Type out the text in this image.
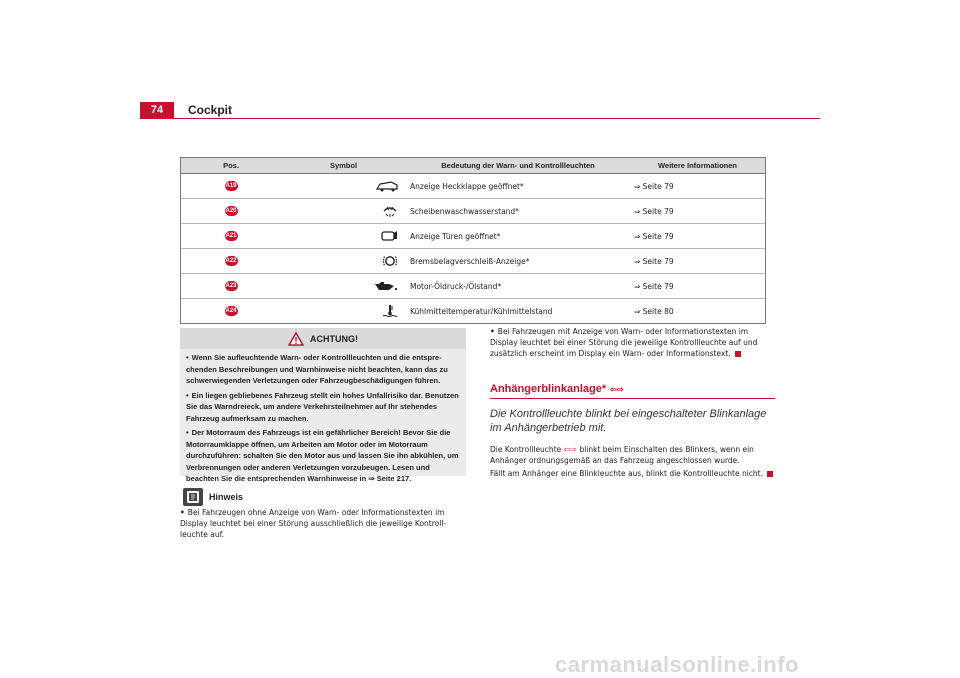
74	Cockpit
Pos.	Symbol	Bedeutung der Warn- und Kontrollleuchten	Weitere Informationen
A19	Anzeige Heckklappe geöffnet*	⇒ Seite 79
A20	Scheibenwaschwasserstand*	⇒ Seite 79
A21	Anzeige Türen geöffnet*	⇒ Seite 79
A22	Bremsbelagverschleiß-Anzeige*	⇒ Seite 79
A23	Motor-Öldruck-/Ölstand*	⇒ Seite 79
A24	Kühlmitteltemperatur/Kühlmittelstand	⇒ Seite 80
ACHTUNG!

• Wenn Sie aufleuchtende Warn- oder Kontrollleuchten und die entspre-chenden Beschreibungen und Warnhinweise nicht beachten, kann das zu schwerwiegenden Verletzungen oder Fahrzeugbeschädigungen führen.

• Ein liegen gebliebenes Fahrzeug stellt ein hohes Unfallrisiko dar. Benutzen Sie das Warndreieck, um andere Verkehrsteilnehmer auf Ihr stehendes Fahrzeug aufmerksam zu machen.

• Der Motorraum des Fahrzeugs ist ein gefährlicher Bereich! Bevor Sie die Motorraumklappe öffnen, um Arbeiten am Motor oder im Motorraum durchzuführen: schalten Sie den Motor aus und lassen Sie ihn abkühlen, um Verbrennungen oder anderen Verletzungen vorzubeugen. Lesen und beachten Sie die entsprechenden Warnhinweise in ⇒ Seite 217.

Hinweis

• Bei Fahrzeugen ohne Anzeige von Warn- oder Informationstexten im Display leuchtet bei einer Störung ausschließlich die jeweilige Kontroll-leuchte auf.

• Bei Fahrzeugen mit Anzeige von Warn- oder Informationstexten im Display leuchtet bei einer Störung die jeweilige Kontrollleuchte auf und zusätzlich erscheint im Display ein Warn- oder Informationstext.

Anhängerblinkanlage* ⇦⇨
Die Kontrollleuchte blinkt bei eingeschalteter Blinkanlage im Anhängerbetrieb mit.

Die Kontrollleuchte ⇦⇨ blinkt beim Einschalten des Blinkers, wenn ein Anhänger ordnungsgemäß an das Fahrzeug angeschlossen wurde.

Fällt am Anhänger eine Blinkleuchte aus, blinkt die Kontrollleuchte nicht.

carmanualsonline.info
